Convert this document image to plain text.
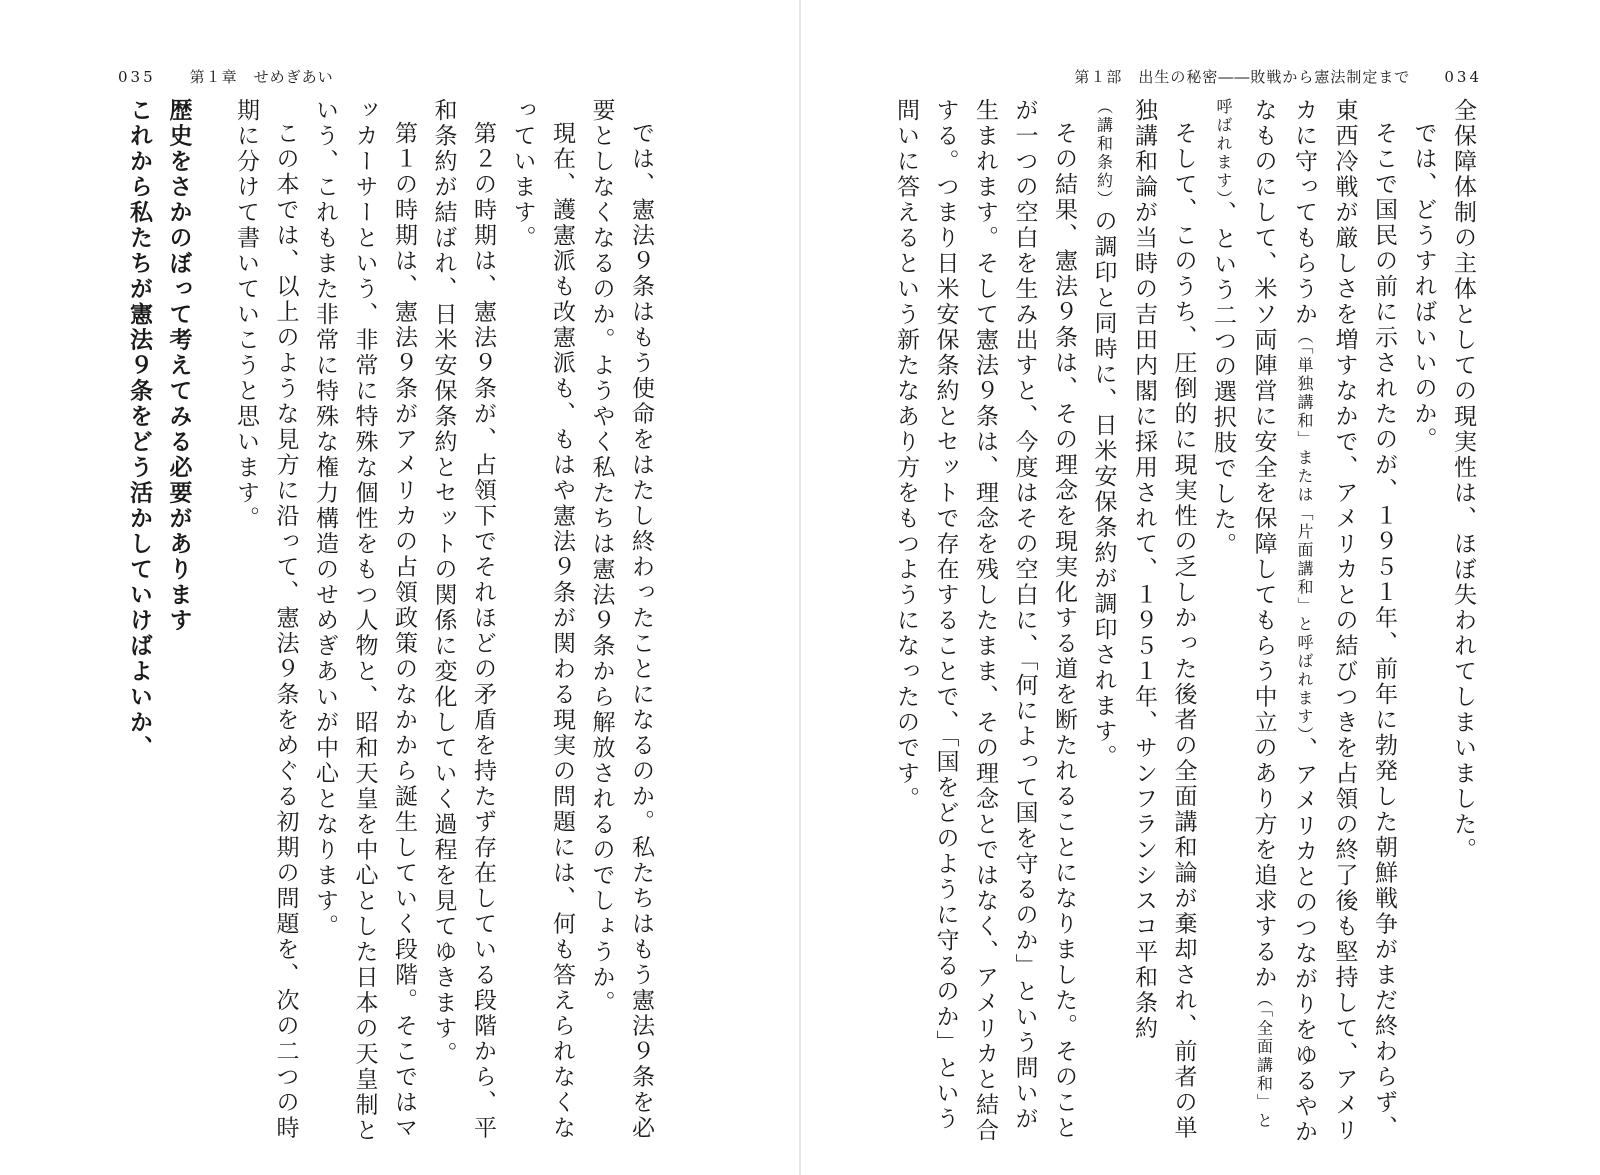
035 第１章　せめぎあい

では、憲法９条はもう使命をはたし終わったことになるのか。私たちはもう憲法９条を必要としなくなるのか。ようやく私たちは憲法９条から解放されるのでしょうか。

現在、護憲派も改憲派も、もはや憲法９条が関わる現実の問題には、何も答えられなくなっています。

第２の時期は、憲法９条が、占領下でそれほどの矛盾を持たず存在している段階から、平和条約が結ばれ、日米安保条約とセットの関係に変化していく過程を見てゆきます。

第１の時期は、憲法９条がアメリカの占領政策のなかから誕生していく段階。そこではマッカーサーという、非常に特殊な個性をもつ人物と、昭和天皇を中心とした日本の天皇制という、これもまた非常に特殊な権力構造のせめぎあいが中心となります。

この本では、以上のような見方に沿って、憲法９条をめぐる初期の問題を、次の二つの時期に分けて書いていこうと思います。

歴史をさかのぼって考えてみる必要があります

これから私たちが憲法９条をどう活かしていけばよいか、

第１部　出生の秘密――敗戦から憲法制定まで 034

全保障体制の主体としての現実性は、ほぼ失われてしまいました。

では、どうすればいいのか。

そこで国民の前に示されたのが、１９５１年、前年に勃発した朝鮮戦争がまだ終わらず、東西冷戦が厳しさを増すなかで、アメリカとの結びつきを占領の終了後も堅持して、アメリカに守ってもらうか（「単独講和」または「片面講和」と呼ばれます）、アメリカとのつながりをゆるやかなものにして、米ソ両陣営に安全を保障してもらう中立のあり方を追求するか（「全面講和」と呼ばれます）、という二つの選択肢でした。

そして、このうち、圧倒的に現実性の乏しかった後者の全面講和論が棄却され、前者の単独講和論が当時の吉田内閣に採用されて、１９５１年、サンフランシスコ平和条約（講和条約）の調印と同時に、日米安保条約が調印されます。

その結果、憲法９条は、その理念を現実化する道を断たれることになりました。そのことが一つの空白を生み出すと、今度はその空白に、「何によって国を守るのか」という問いが生まれます。そして憲法９条は、理念を残したまま、その理念とではなく、アメリカと結合する。つまり日米安保条約とセットで存在することで、「国をどのように守るのか」という問いに答えるという新たなあり方をもつようになったのです。
